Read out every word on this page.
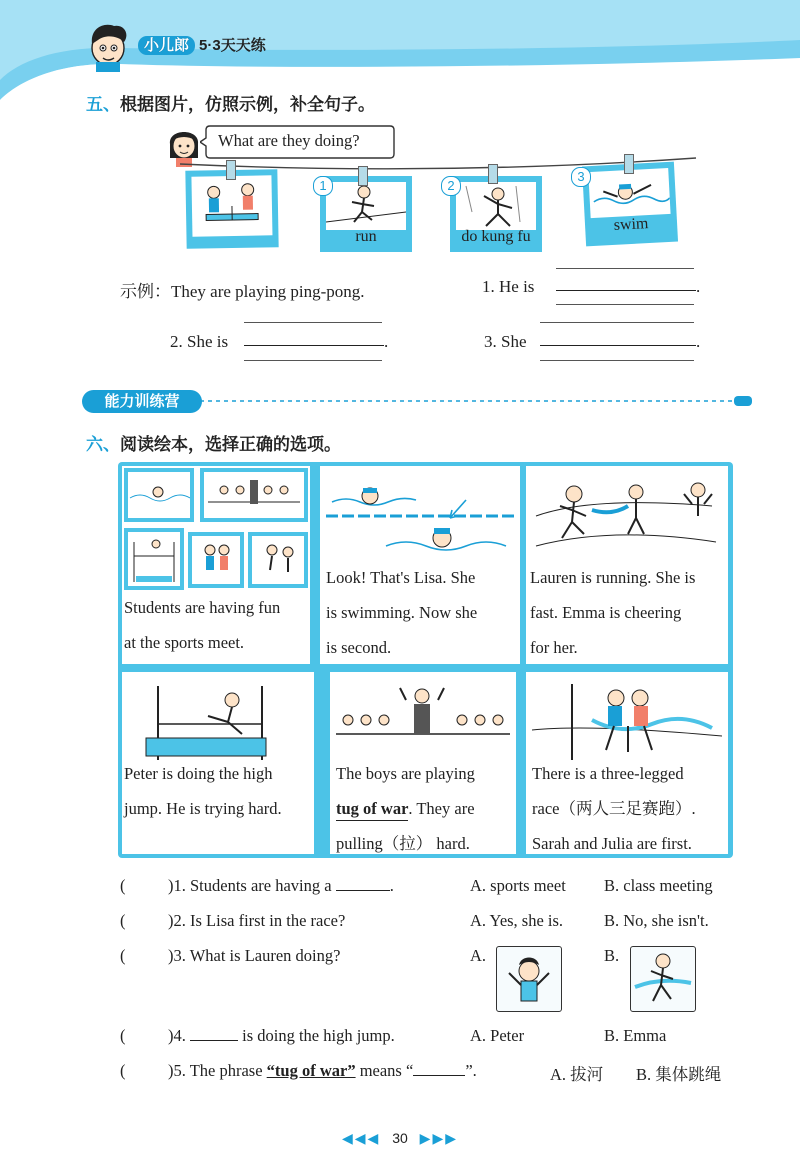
小儿郎 5·3天天练
五、根据图片，仿照示例，补全句子。
What are they doing?
run
1
do kung fu
2
swim
3
示例：They are playing ping-pong.	1. He is	.
2. She is	.	3. She	.
能力训练营
六、阅读绘本，选择正确的选项。
Students are having fun
at the sports meet.
Look! That's Lisa. She
is swimming. Now she
is second.
Lauren is running. She is
fast. Emma is cheering
for her.
Peter is doing the high
jump. He is trying hard.
The boys are playing
tug of war. They are
pulling（拉） hard.
There is a three-legged
race（两人三足赛跑）.
Sarah and Julia are first.
(	)1. Students are having a	.	A. sports meet B. class meeting
(	)2. Is Lisa first in the race?	A. Yes, she is. B. No, she isn't.
(	)3. What is Lauren doing?	A.	B.
(	)4.	is doing the high jump.	A. Peter	B. Emma
(	)5. The phrase “tug of war” means “	”.	A. 拔河 B. 集体跳绳
◀◀◀ 30 ▶▶▶
